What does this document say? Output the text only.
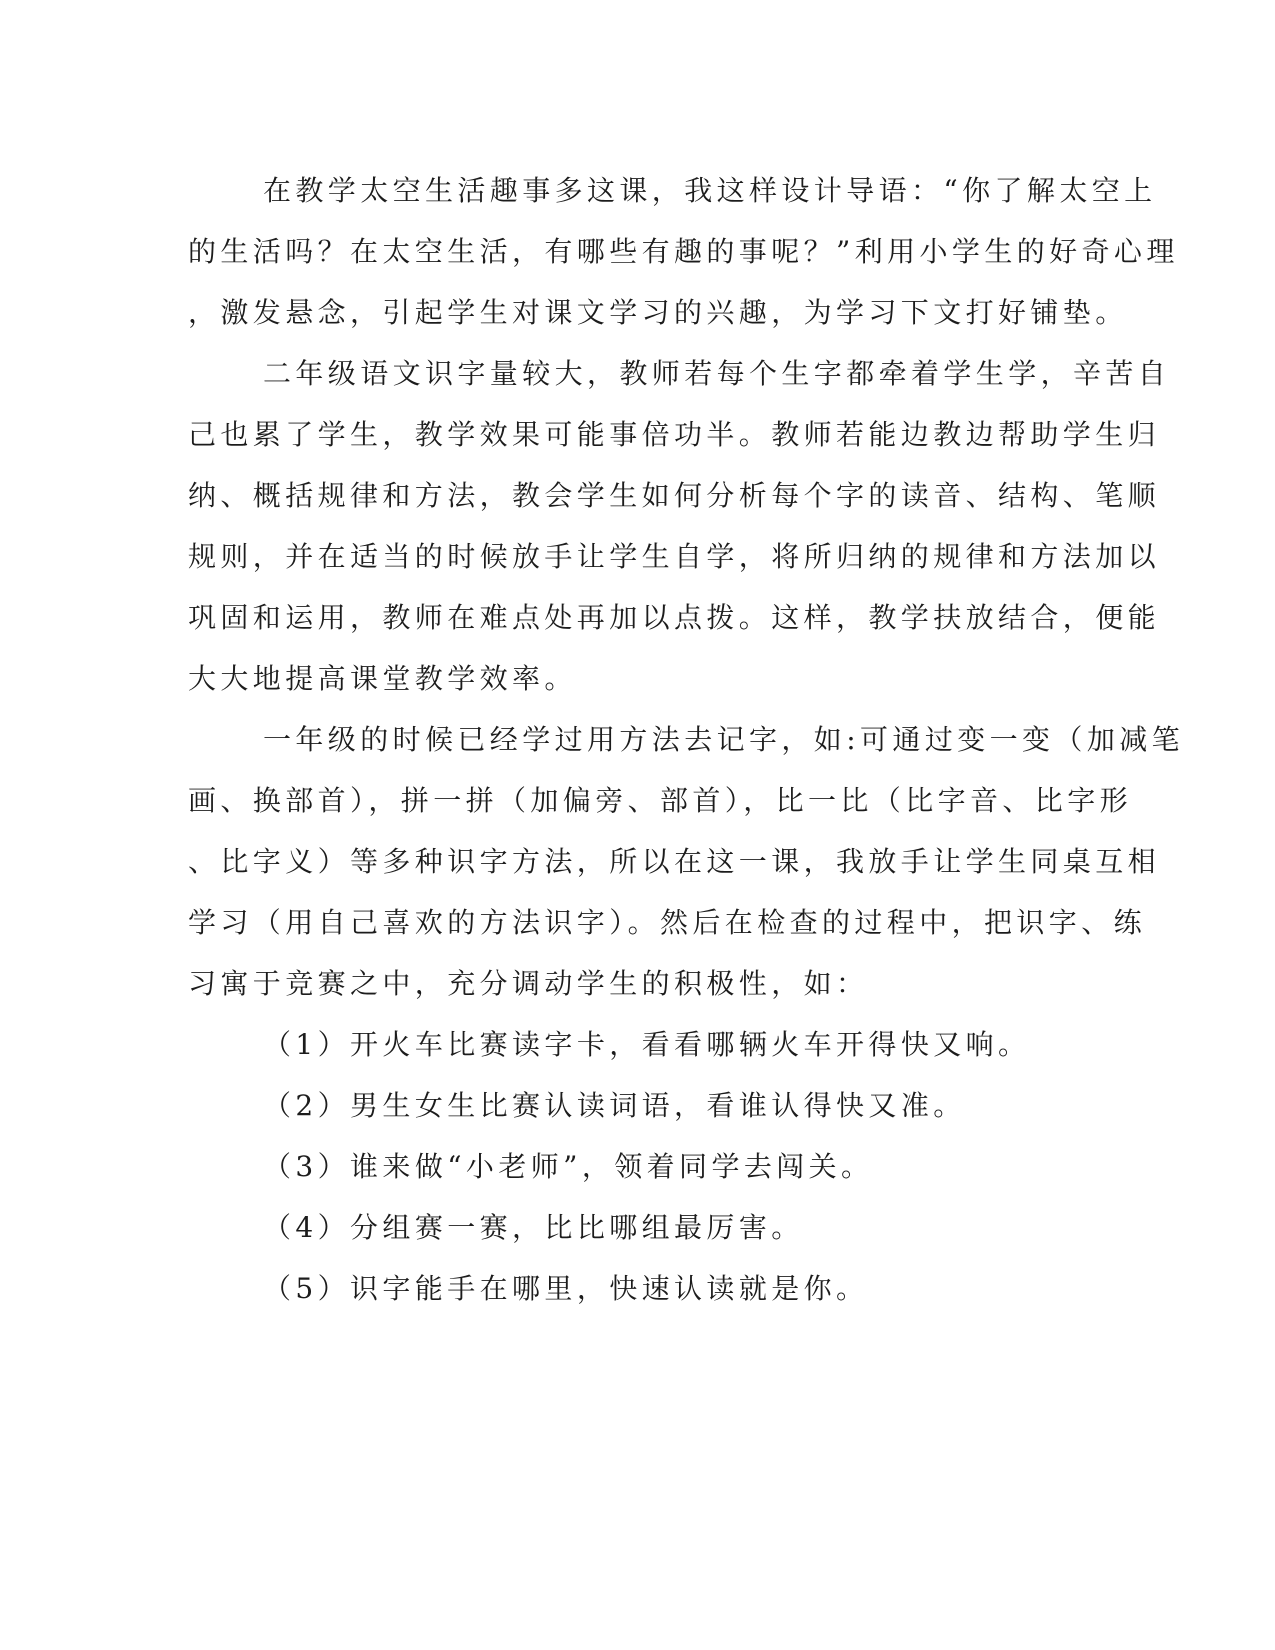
在教学太空生活趣事多这课，我这样设计导语：“你了解太空上
的生活吗？在太空生活，有哪些有趣的事呢？”利用小学生的好奇心理
，激发悬念，引起学生对课文学习的兴趣，为学习下文打好铺垫。
二年级语文识字量较大，教师若每个生字都牵着学生学，辛苦自
己也累了学生，教学效果可能事倍功半。教师若能边教边帮助学生归
纳、概括规律和方法，教会学生如何分析每个字的读音、结构、笔顺
规则，并在适当的时候放手让学生自学，将所归纳的规律和方法加以
巩固和运用，教师在难点处再加以点拨。这样，教学扶放结合，便能
大大地提高课堂教学效率。
一年级的时候已经学过用方法去记字，如:可通过变一变（加减笔
画、换部首），拼一拼（加偏旁、部首），比一比（比字音、比字形
、比字义）等多种识字方法，所以在这一课，我放手让学生同桌互相
学习（用自己喜欢的方法识字）。然后在检查的过程中，把识字、练
习寓于竞赛之中，充分调动学生的积极性，如：
（1）开火车比赛读字卡，看看哪辆火车开得快又响。
（2）男生女生比赛认读词语，看谁认得快又准。
（3）谁来做“小老师”，领着同学去闯关。
（4）分组赛一赛，比比哪组最厉害。
（5）识字能手在哪里，快速认读就是你。
